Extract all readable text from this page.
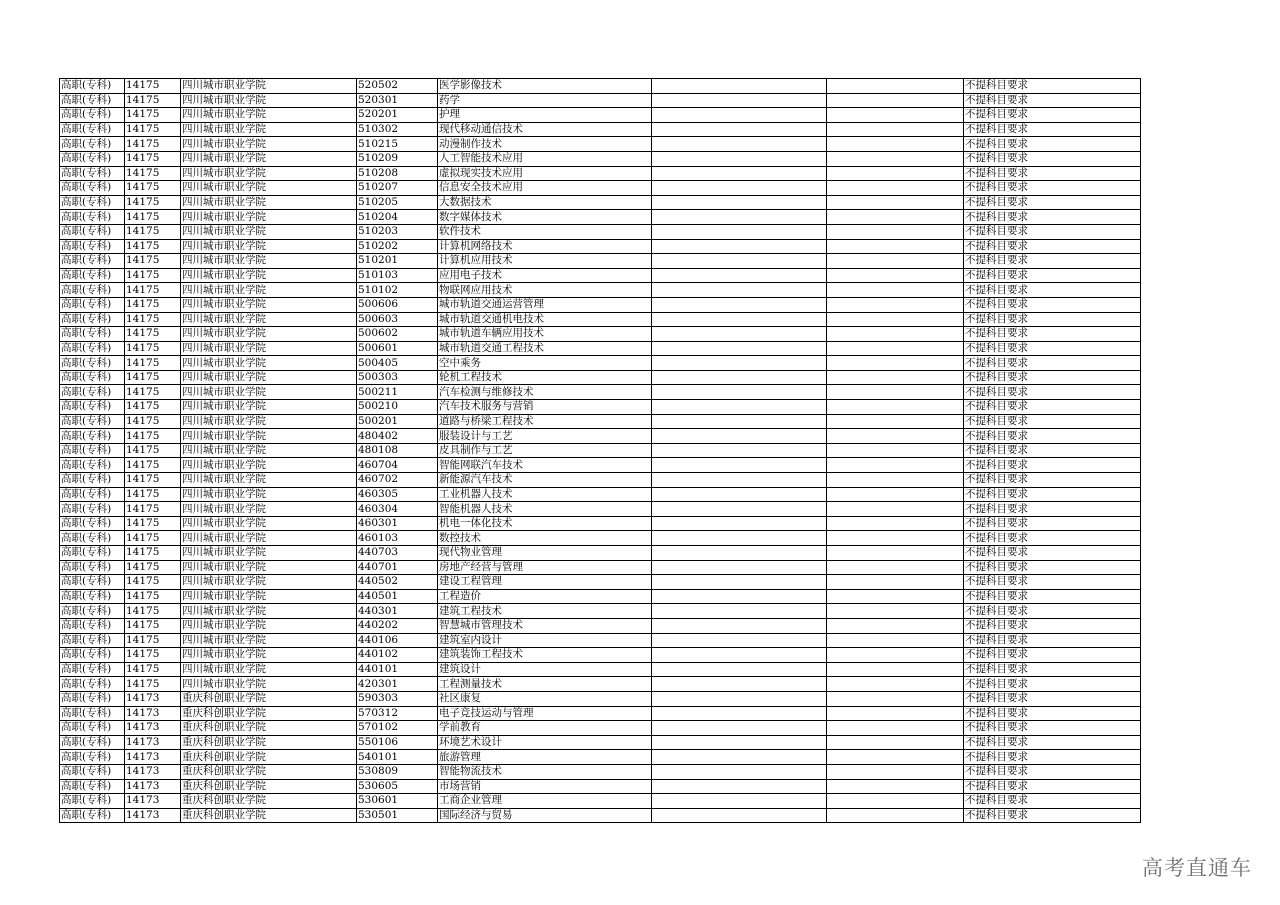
高职(专科)	14175	四川城市职业学院	520502	医学影像技术			不提科目要求
高职(专科)	14175	四川城市职业学院	520301	药学			不提科目要求
高职(专科)	14175	四川城市职业学院	520201	护理			不提科目要求
高职(专科)	14175	四川城市职业学院	510302	现代移动通信技术			不提科目要求
高职(专科)	14175	四川城市职业学院	510215	动漫制作技术			不提科目要求
高职(专科)	14175	四川城市职业学院	510209	人工智能技术应用			不提科目要求
高职(专科)	14175	四川城市职业学院	510208	虚拟现实技术应用			不提科目要求
高职(专科)	14175	四川城市职业学院	510207	信息安全技术应用			不提科目要求
高职(专科)	14175	四川城市职业学院	510205	大数据技术			不提科目要求
高职(专科)	14175	四川城市职业学院	510204	数字媒体技术			不提科目要求
高职(专科)	14175	四川城市职业学院	510203	软件技术			不提科目要求
高职(专科)	14175	四川城市职业学院	510202	计算机网络技术			不提科目要求
高职(专科)	14175	四川城市职业学院	510201	计算机应用技术			不提科目要求
高职(专科)	14175	四川城市职业学院	510103	应用电子技术			不提科目要求
高职(专科)	14175	四川城市职业学院	510102	物联网应用技术			不提科目要求
高职(专科)	14175	四川城市职业学院	500606	城市轨道交通运营管理			不提科目要求
高职(专科)	14175	四川城市职业学院	500603	城市轨道交通机电技术			不提科目要求
高职(专科)	14175	四川城市职业学院	500602	城市轨道车辆应用技术			不提科目要求
高职(专科)	14175	四川城市职业学院	500601	城市轨道交通工程技术			不提科目要求
高职(专科)	14175	四川城市职业学院	500405	空中乘务			不提科目要求
高职(专科)	14175	四川城市职业学院	500303	轮机工程技术			不提科目要求
高职(专科)	14175	四川城市职业学院	500211	汽车检测与维修技术			不提科目要求
高职(专科)	14175	四川城市职业学院	500210	汽车技术服务与营销			不提科目要求
高职(专科)	14175	四川城市职业学院	500201	道路与桥梁工程技术			不提科目要求
高职(专科)	14175	四川城市职业学院	480402	服装设计与工艺			不提科目要求
高职(专科)	14175	四川城市职业学院	480108	皮具制作与工艺			不提科目要求
高职(专科)	14175	四川城市职业学院	460704	智能网联汽车技术			不提科目要求
高职(专科)	14175	四川城市职业学院	460702	新能源汽车技术			不提科目要求
高职(专科)	14175	四川城市职业学院	460305	工业机器人技术			不提科目要求
高职(专科)	14175	四川城市职业学院	460304	智能机器人技术			不提科目要求
高职(专科)	14175	四川城市职业学院	460301	机电一体化技术			不提科目要求
高职(专科)	14175	四川城市职业学院	460103	数控技术			不提科目要求
高职(专科)	14175	四川城市职业学院	440703	现代物业管理			不提科目要求
高职(专科)	14175	四川城市职业学院	440701	房地产经营与管理			不提科目要求
高职(专科)	14175	四川城市职业学院	440502	建设工程管理			不提科目要求
高职(专科)	14175	四川城市职业学院	440501	工程造价			不提科目要求
高职(专科)	14175	四川城市职业学院	440301	建筑工程技术			不提科目要求
高职(专科)	14175	四川城市职业学院	440202	智慧城市管理技术			不提科目要求
高职(专科)	14175	四川城市职业学院	440106	建筑室内设计			不提科目要求
高职(专科)	14175	四川城市职业学院	440102	建筑装饰工程技术			不提科目要求
高职(专科)	14175	四川城市职业学院	440101	建筑设计			不提科目要求
高职(专科)	14175	四川城市职业学院	420301	工程测量技术			不提科目要求
高职(专科)	14173	重庆科创职业学院	590303	社区康复			不提科目要求
高职(专科)	14173	重庆科创职业学院	570312	电子竞技运动与管理			不提科目要求
高职(专科)	14173	重庆科创职业学院	570102	学前教育			不提科目要求
高职(专科)	14173	重庆科创职业学院	550106	环境艺术设计			不提科目要求
高职(专科)	14173	重庆科创职业学院	540101	旅游管理			不提科目要求
高职(专科)	14173	重庆科创职业学院	530809	智能物流技术			不提科目要求
高职(专科)	14173	重庆科创职业学院	530605	市场营销			不提科目要求
高职(专科)	14173	重庆科创职业学院	530601	工商企业管理			不提科目要求
高职(专科)	14173	重庆科创职业学院	530501	国际经济与贸易			不提科目要求
高考直通车
